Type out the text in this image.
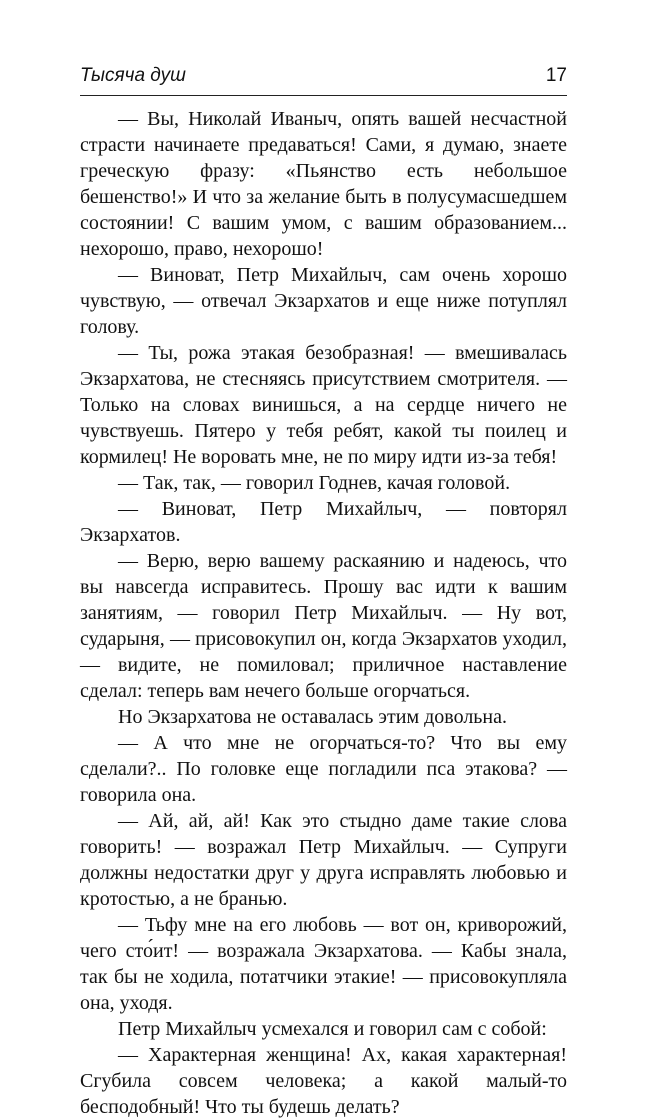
Тысяча душ	17

— Вы, Николай Иваныч, опять вашей несчастной страсти начинаете предаваться! Сами, я думаю, знаете греческую фразу: «Пьянство есть небольшое бешенство!» И что за желание быть в полусумасшедшем состоянии! С вашим умом, с вашим образованием... нехорошо, право, нехорошо!

— Виноват, Петр Михайлыч, сам очень хорошо чувствую, — отвечал Экзархатов и еще ниже потуплял голову.

— Ты, рожа этакая безобразная! — вмешивалась Экзархатова, не стесняясь присутствием смотрителя. — Только на словах винишься, а на сердце ничего не чувствуешь. Пятеро у тебя ребят, какой ты поилец и кормилец! Не воровать мне, не по миру идти из-за тебя!

— Так, так, — говорил Годнев, качая головой.

— Виноват, Петр Михайлыч, — повторял Экзархатов.

— Верю, верю вашему раскаянию и надеюсь, что вы навсегда исправитесь. Прошу вас идти к вашим занятиям, — говорил Петр Михайлыч. — Ну вот, сударыня, — присовокупил он, когда Экзархатов уходил, — видите, не помиловал; приличное наставление сделал: теперь вам нечего больше огорчаться.

Но Экзархатова не оставалась этим довольна.

— А что мне не огорчаться-то? Что вы ему сделали?.. По головке еще погладили пса этакова? — говорила она.

— Ай, ай, ай! Как это стыдно даме такие слова говорить! — возражал Петр Михайлыч. — Супруги должны недостатки друг у друга исправлять любовью и кротостью, а не бранью.

— Тьфу мне на его любовь — вот он, криворожий, чего сто́ит! — возражала Экзархатова. — Кабы знала, так бы не ходила, потатчики этакие! — присовокупляла она, уходя.

Петр Михайлыч усмехался и говорил сам с собой:

— Характерная женщина! Ах, какая характерная! Сгубила совсем человека; а какой малый-то бесподобный! Что ты будешь делать?
